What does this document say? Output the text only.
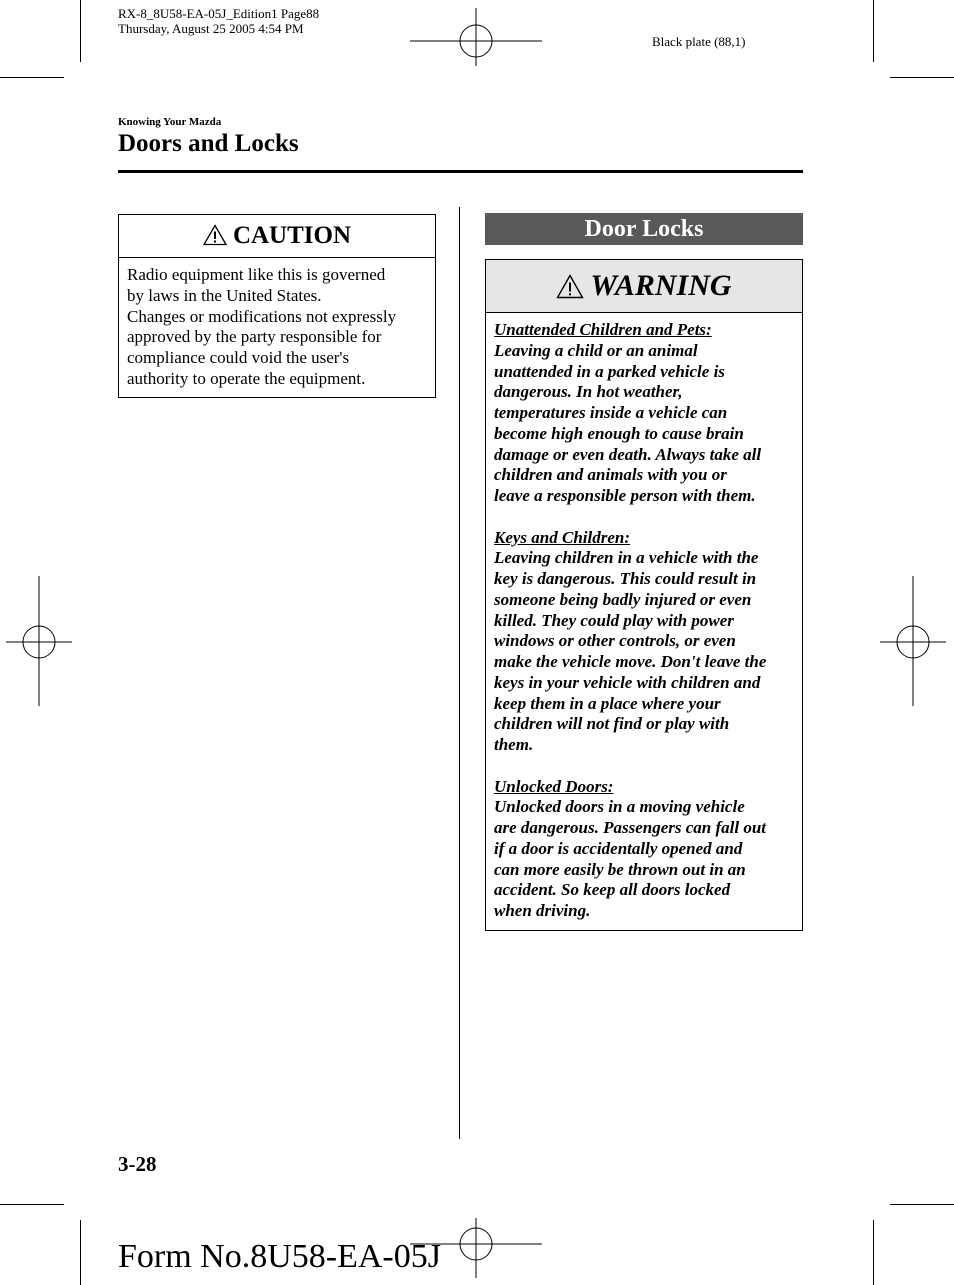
RX-8_8U58-EA-05J_Edition1 Page88
Thursday, August 25 2005 4:54 PM
Black plate (88,1)
Knowing Your Mazda
Doors and Locks
CAUTION
Radio equipment like this is governed
by laws in the United States.
Changes or modifications not expressly
approved by the party responsible for
compliance could void the user's
authority to operate the equipment.
Door Locks
WARNING
Unattended Children and Pets:
Leaving a child or an animal
unattended in a parked vehicle is
dangerous. In hot weather,
temperatures inside a vehicle can
become high enough to cause brain
damage or even death. Always take all
children and animals with you or
leave a responsible person with them.
Keys and Children:
Leaving children in a vehicle with the
key is dangerous. This could result in
someone being badly injured or even
killed. They could play with power
windows or other controls, or even
make the vehicle move. Don't leave the
keys in your vehicle with children and
keep them in a place where your
children will not find or play with
them.
Unlocked Doors:
Unlocked doors in a moving vehicle
are dangerous. Passengers can fall out
if a door is accidentally opened and
can more easily be thrown out in an
accident. So keep all doors locked
when driving.
3-28
Form No.8U58-EA-05J
